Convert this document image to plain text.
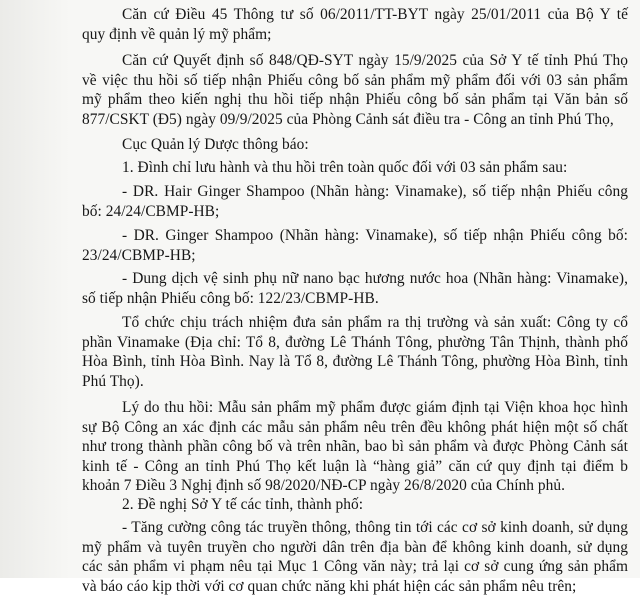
Căn cứ Điều 45 Thông tư số 06/2011/TT-BYT ngày 25/01/2011 của Bộ Y tế
quy định về quản lý mỹ phẩm;
Căn cứ Quyết định số 848/QĐ-SYT ngày 15/9/2025 của Sở Y tế tỉnh Phú Thọ
về việc thu hồi số tiếp nhận Phiếu công bố sản phẩm mỹ phẩm đối với 03 sản phẩm
mỹ phẩm theo kiến nghị thu hồi tiếp nhận Phiếu công bố sản phẩm tại Văn bản số
877/CSKT (Đ5) ngày 09/9/2025 của Phòng Cảnh sát điều tra - Công an tỉnh Phú Thọ,
Cục Quản lý Dược thông báo:
1. Đình chỉ lưu hành và thu hồi trên toàn quốc đối với 03 sản phẩm sau:
- DR. Hair Ginger Shampoo (Nhãn hàng: Vinamake), số tiếp nhận Phiếu công
bố: 24/24/CBMP-HB;
- DR. Ginger Shampoo (Nhãn hàng: Vinamake), số tiếp nhận Phiếu công bố:
23/24/CBMP-HB;
- Dung dịch vệ sinh phụ nữ nano bạc hương nước hoa (Nhãn hàng: Vinamake),
số tiếp nhận Phiếu công bố: 122/23/CBMP-HB.
Tổ chức chịu trách nhiệm đưa sản phẩm ra thị trường và sản xuất: Công ty cổ
phần Vinamake (Địa chỉ: Tổ 8, đường Lê Thánh Tông, phường Tân Thịnh, thành phố
Hòa Bình, tỉnh Hòa Bình. Nay là Tổ 8, đường Lê Thánh Tông, phường Hòa Bình, tỉnh
Phú Thọ).
Lý do thu hồi: Mẫu sản phẩm mỹ phẩm được giám định tại Viện khoa học hình
sự Bộ Công an xác định các mẫu sản phẩm nêu trên đều không phát hiện một số chất
như trong thành phần công bố và trên nhãn, bao bì sản phẩm và được Phòng Cảnh sát
kinh tế - Công an tỉnh Phú Thọ kết luận là “hàng giả” căn cứ quy định tại điểm b
khoản 7 Điều 3 Nghị định số 98/2020/NĐ-CP ngày 26/8/2020 của Chính phủ.
2. Đề nghị Sở Y tế các tỉnh, thành phố:
- Tăng cường công tác truyền thông, thông tin tới các cơ sở kinh doanh, sử dụng
mỹ phẩm và tuyên truyền cho người dân trên địa bàn để không kinh doanh, sử dụng
các sản phẩm vi phạm nêu tại Mục 1 Công văn này; trả lại cơ sở cung ứng sản phẩm
và báo cáo kịp thời với cơ quan chức năng khi phát hiện các sản phẩm nêu trên;
